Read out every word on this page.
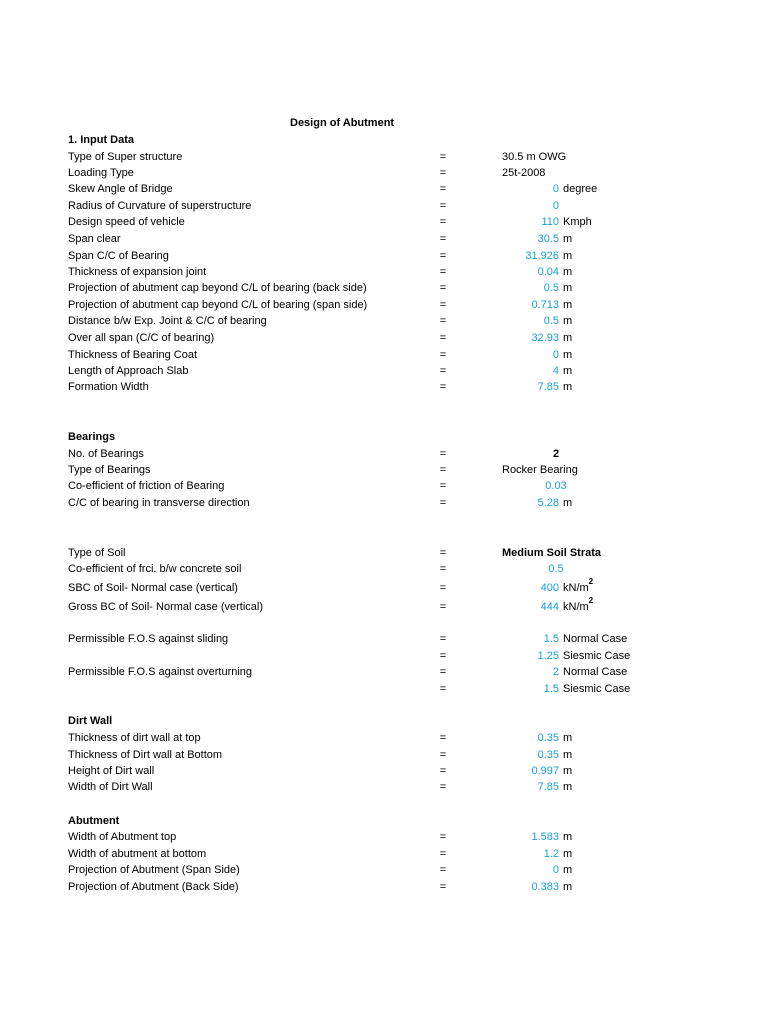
Design of Abutment
1. Input Data
Type of Super structure	=	30.5 m OWG
Loading Type	=	25t-2008
Skew Angle of Bridge	=	0 degree
Radius of Curvature of superstructure	=	0
Design speed of vehicle	=	110 Kmph
Span clear	=	30.5 m
Span C/C of Bearing	=	31.926 m
Thickness of expansion joint	=	0.04 m
Projection of abutment cap beyond C/L of bearing (back side)	=	0.5 m
Projection of abutment cap beyond C/L of bearing (span side)	=	0.713 m
Distance b/w Exp. Joint & C/C of bearing	=	0.5 m
Over all span (C/C of bearing)	=	32.93 m
Thickness of Bearing Coat	=	0 m
Length of Approach Slab	=	4 m
Formation Width	=	7.85 m
Bearings
No. of Bearings	=	2
Type of Bearings	=	Rocker Bearing
Co-efficient of friction of Bearing	=	0.03
C/C of bearing in transverse direction	=	5.28 m
Type of Soil	=	Medium Soil Strata
Co-efficient of frci. b/w concrete soil	=	0.5
SBC of Soil- Normal case (vertical)	=	400 $kN/m^2$
Gross BC of Soil- Normal case (vertical)	=	444 $kN/m^2$
Permissible F.O.S against sliding	=	1.5 Normal Case
=	1.25 Siesmic Case
Permissible F.O.S against overturning	=	2 Normal Case
=	1.5 Siesmic Case
Dirt Wall
Thickness of dirt wall at top	=	0.35 m
Thickness of Dirt wall at Bottom	=	0.35 m
Height of Dirt wall	=	0.997 m
Width of Dirt Wall	=	7.85 m
Abutment
Width of Abutment top	=	1.583 m
Width of abutment at bottom	=	1.2 m
Projection of Abutment (Span Side)	=	0 m
Projection of Abutment (Back Side)	=	0.383 m
